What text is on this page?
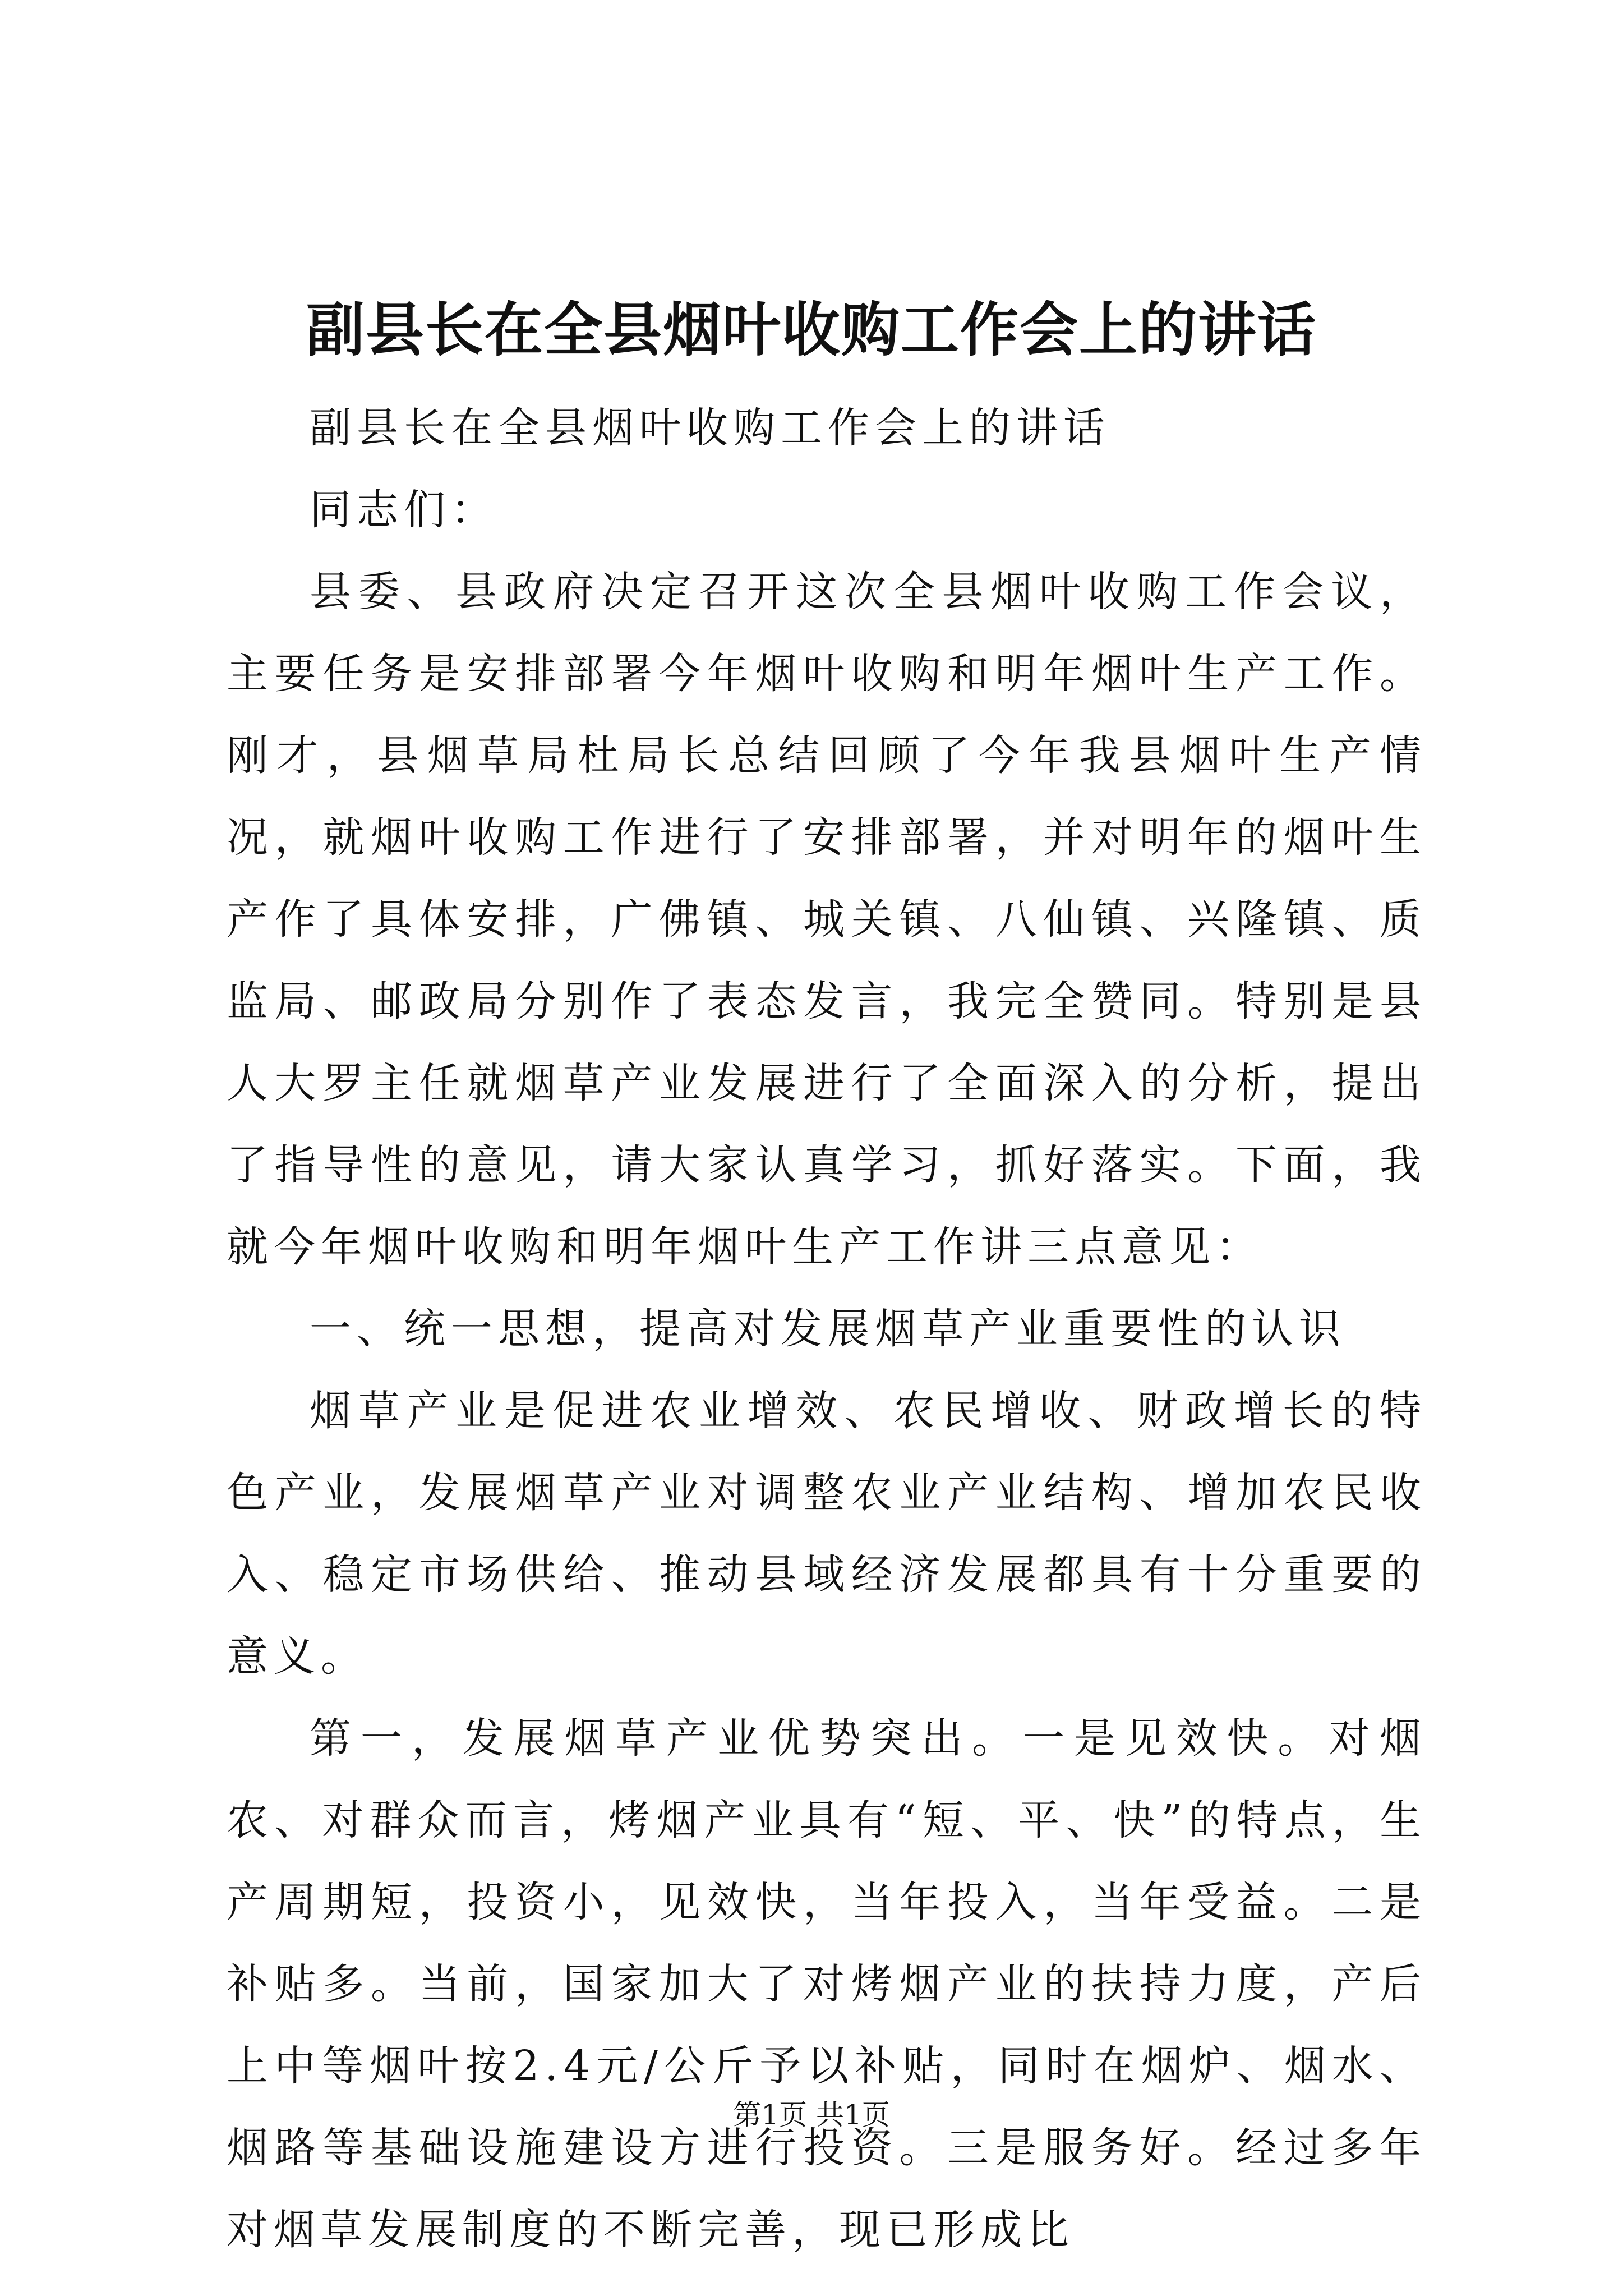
副县长在全县烟叶收购工作会上的讲话

副县长在全县烟叶收购工作会上的讲话

同志们：

县委、县政府决定召开这次全县烟叶收购工作会议，主要任务是安排部署今年烟叶收购和明年烟叶生产工作。刚才，县烟草局杜局长总结回顾了今年我县烟叶生产情况，就烟叶收购工作进行了安排部署，并对明年的烟叶生产作了具体安排，广佛镇、城关镇、八仙镇、兴隆镇、质监局、邮政局分别作了表态发言，我完全赞同。特别是县人大罗主任就烟草产业发展进行了全面深入的分析，提出了指导性的意见，请大家认真学习，抓好落实。下面，我就今年烟叶收购和明年烟叶生产工作讲三点意见：

一、统一思想，提高对发展烟草产业重要性的认识

烟草产业是促进农业增效、农民增收、财政增长的特色产业，发展烟草产业对调整农业产业结构、增加农民收入、稳定市场供给、推动县域经济发展都具有十分重要的意义。

第一，发展烟草产业优势突出。一是见效快。对烟农、对群众而言，烤烟产业具有“短、平、快”的特点，生产周期短，投资小，见效快，当年投入，当年受益。二是补贴多。当前，国家加大了对烤烟产业的扶持力度，产后上中等烟叶按2.4元/公斤予以补贴，同时在烟炉、烟水、烟路等基础设施建设方进行投资。三是服务好。经过多年对烟草发展制度的不断完善，现已形成比

第1页 共1页
